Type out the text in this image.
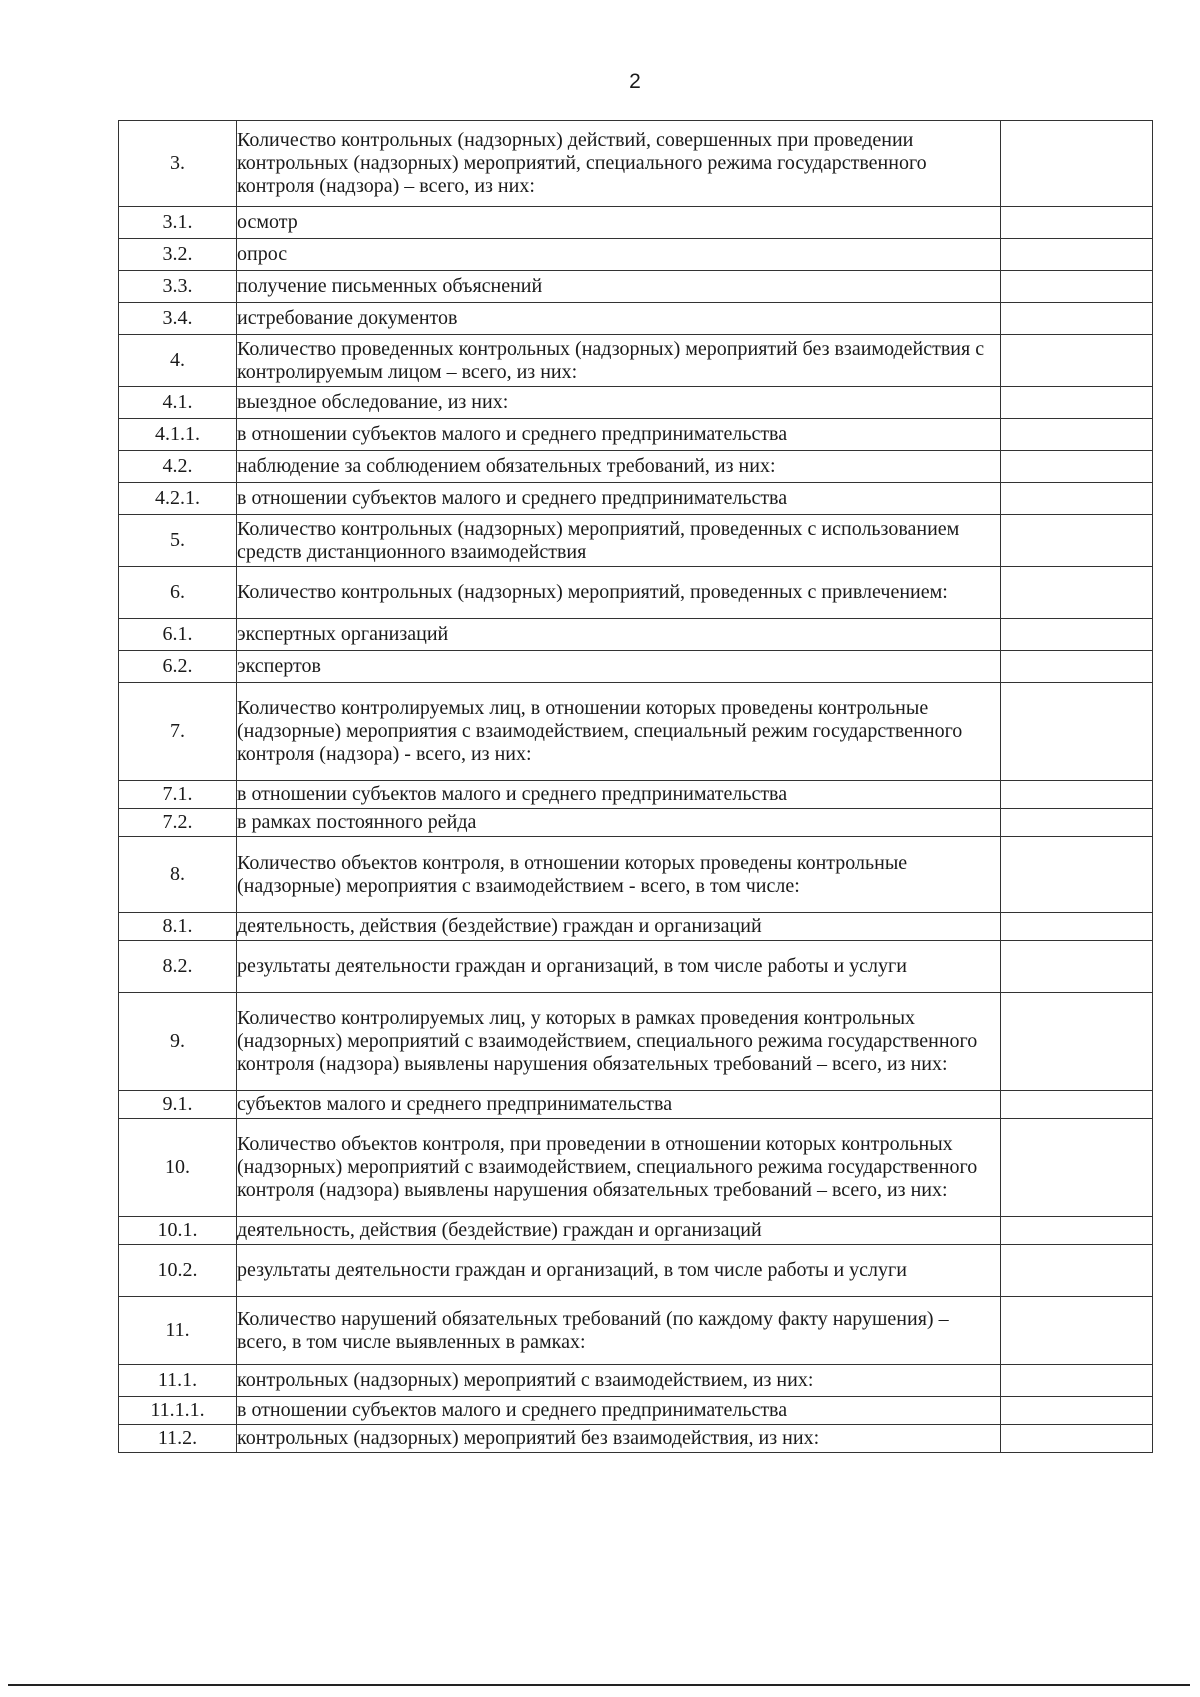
2
3.	Количество контрольных (надзорных) действий, совершенных при проведении контрольных (надзорных) мероприятий, специального режима государственного контроля (надзора) – всего, из них:	
3.1.	осмотр	
3.2.	опрос	
3.3.	получение письменных объяснений	
3.4.	истребование документов	
4.	Количество проведенных контрольных (надзорных) мероприятий без взаимодействия с контролируемым лицом – всего, из них:	
4.1.	выездное обследование, из них:	
4.1.1.	в отношении субъектов малого и среднего предпринимательства	
4.2.	наблюдение за соблюдением обязательных требований, из них:	
4.2.1.	в отношении субъектов малого и среднего предпринимательства	
5.	Количество контрольных (надзорных) мероприятий, проведенных с использованием средств дистанционного взаимодействия	
6.	Количество контрольных (надзорных) мероприятий, проведенных с привлечением:	
6.1.	экспертных организаций	
6.2.	экспертов	
7.	Количество контролируемых лиц, в отношении которых проведены контрольные (надзорные) мероприятия с взаимодействием, специальный режим государственного контроля (надзора) - всего, из них:	
7.1.	в отношении субъектов малого и среднего предпринимательства	
7.2.	в рамках постоянного рейда	
8.	Количество объектов контроля, в отношении которых проведены контрольные (надзорные) мероприятия с взаимодействием - всего, в том числе:	
8.1.	деятельность, действия (бездействие) граждан и организаций	
8.2.	результаты деятельности граждан и организаций, в том числе работы и услуги	
9.	Количество контролируемых лиц, у которых в рамках проведения контрольных (надзорных) мероприятий с взаимодействием, специального режима государственного контроля (надзора) выявлены нарушения обязательных требований – всего, из них:	
9.1.	субъектов малого и среднего предпринимательства	
10.	Количество объектов контроля, при проведении в отношении которых контрольных (надзорных) мероприятий с взаимодействием, специального режима государственного контроля (надзора) выявлены нарушения обязательных требований – всего, из них:	
10.1.	деятельность, действия (бездействие) граждан и организаций	
10.2.	результаты деятельности граждан и организаций, в том числе работы и услуги	
11.	Количество нарушений обязательных требований (по каждому факту нарушения) – всего, в том числе выявленных в рамках:	
11.1.	контрольных (надзорных) мероприятий с взаимодействием, из них:	
11.1.1.	в отношении субъектов малого и среднего предпринимательства	
11.2.	контрольных (надзорных) мероприятий без взаимодействия, из них:	
